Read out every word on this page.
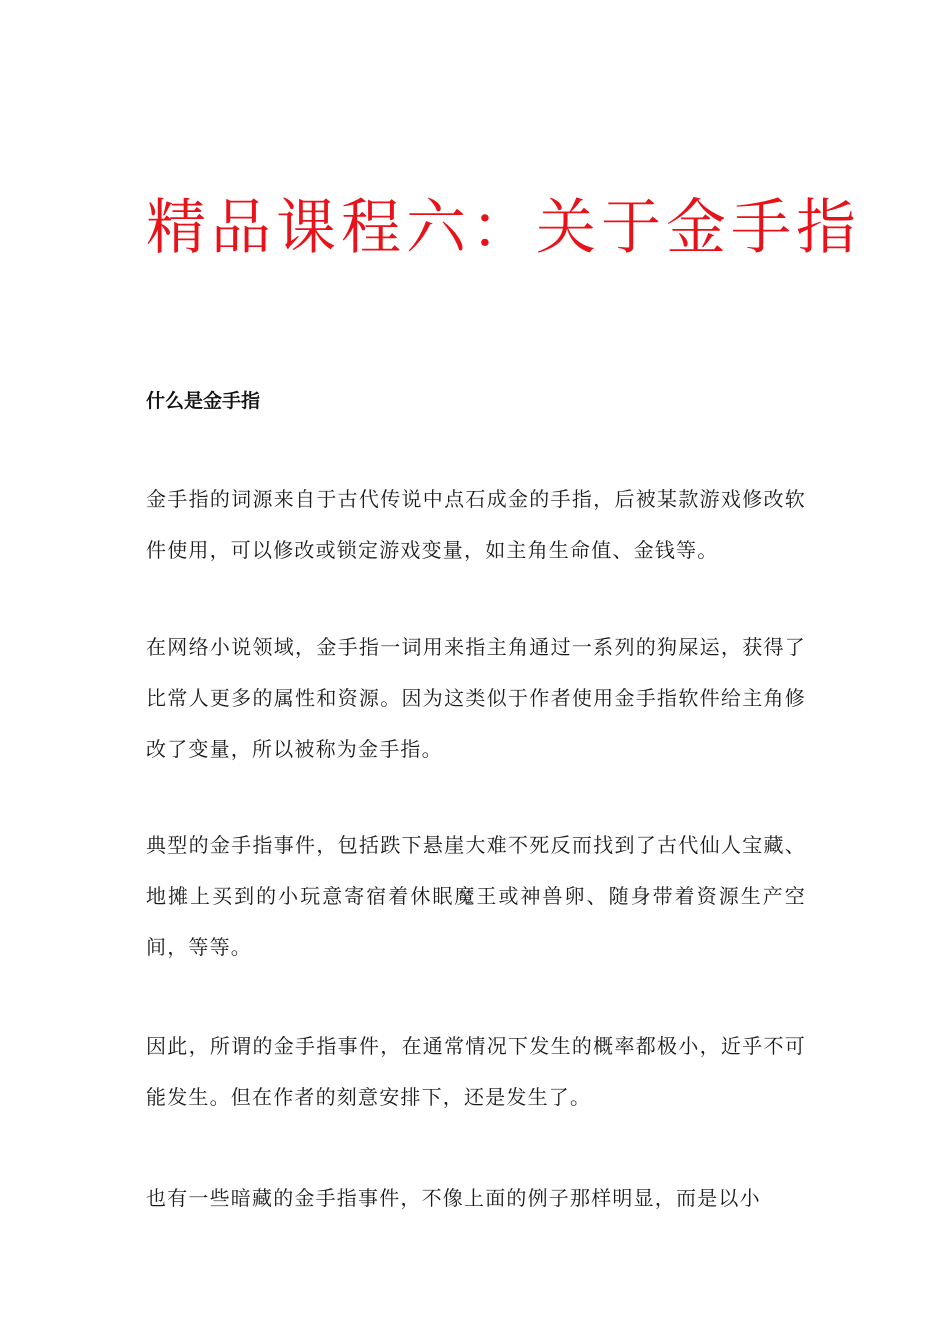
精品课程六：关于金手指
什么是金手指

金手指的词源来自于古代传说中点石成金的手指，后被某款游戏修改软件使用，可以修改或锁定游戏变量，如主角生命值、金钱等。

在网络小说领域，金手指一词用来指主角通过一系列的狗屎运，获得了比常人更多的属性和资源。因为这类似于作者使用金手指软件给主角修改了变量，所以被称为金手指。

典型的金手指事件，包括跌下悬崖大难不死反而找到了古代仙人宝藏、地摊上买到的小玩意寄宿着休眠魔王或神兽卵、随身带着资源生产空间，等等。

因此，所谓的金手指事件，在通常情况下发生的概率都极小，近乎不可能发生。但在作者的刻意安排下，还是发生了。

也有一些暗藏的金手指事件，不像上面的例子那样明显，而是以小
